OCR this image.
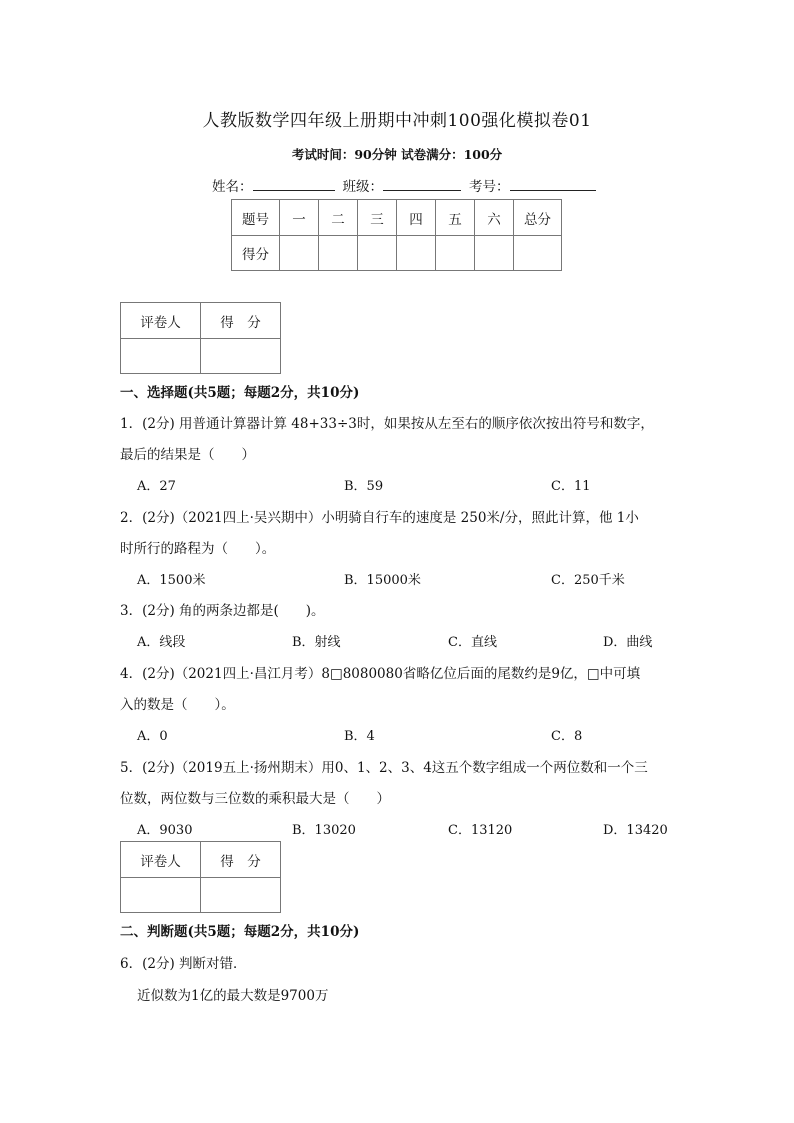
人教版数学四年级上册期中冲刺100强化模拟卷01
考试时间：90分钟 试卷满分：100分
姓名：	班级：	考号：
题号	一	二	三	四	五	六	总分
得分							
评卷人	得　分

一、选择题(共5题；每题2分，共10分)
1．(2分) 用普通计算器计算 48+33÷3时，如果按从左至右的顺序依次按出符号和数字，
最后的结果是（　　）
A．27	B．59	C．11
2．(2分)（2021四上·吴兴期中）小明骑自行车的速度是 250米/分，照此计算，他 1小
时所行的路程为（　　）。
A．1500米	B．15000米	C．250千米
3．(2分) 角的两条边都是(　　)。
A．线段	B．射线	C．直线	D．曲线
4．(2分)（2021四上·昌江月考）8□8080080省略亿位后面的尾数约是9亿，□中可填
入的数是（　　）。
A．0	B．4	C．8
5．(2分)（2019五上·扬州期末）用0、1、2、3、4这五个数字组成一个两位数和一个三
位数，两位数与三位数的乘积最大是（　　）
A．9030	B．13020	C．13120	D．13420
评卷人	得　分

二、判断题(共5题；每题2分，共10分)
6．(2分) 判断对错．
近似数为1亿的最大数是9700万
